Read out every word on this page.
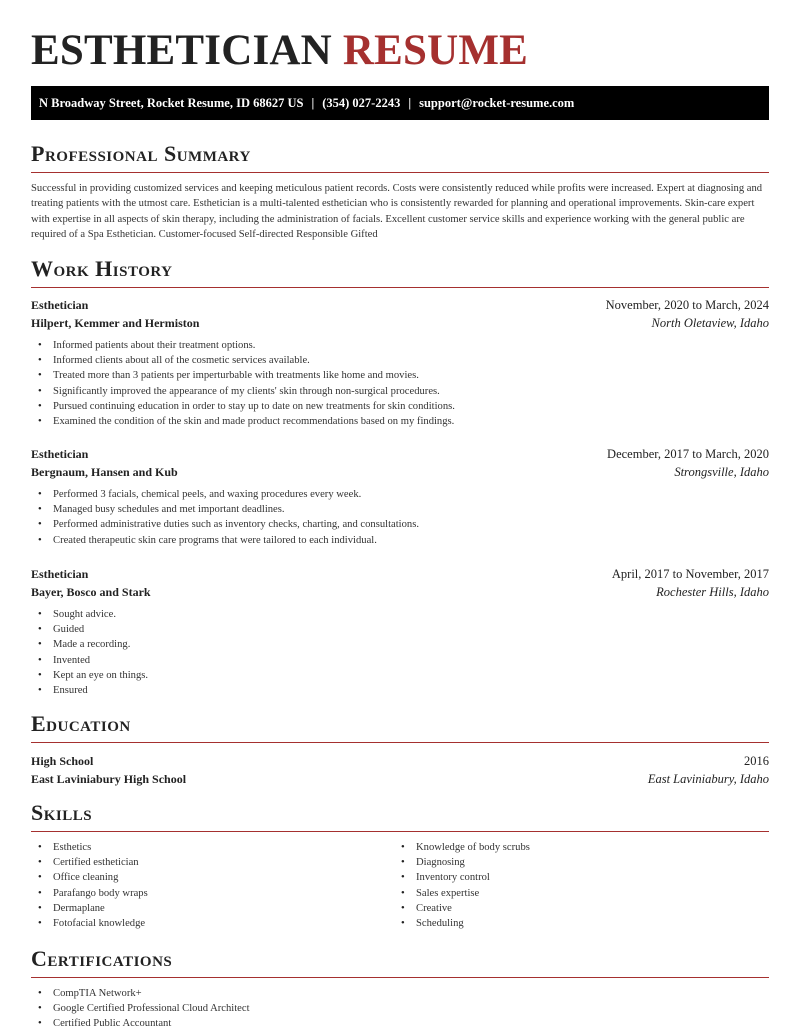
ESTHETICIAN RESUME
N Broadway Street, Rocket Resume, ID 68627 US | (354) 027-2243 | support@rocket-resume.com
Professional Summary

Successful in providing customized services and keeping meticulous patient records. Costs were consistently reduced while profits were increased. Expert at diagnosing and treating patients with the utmost care. Esthetician is a multi-talented esthetician who is consistently rewarded for planning and operational improvements. Skin-care expert with expertise in all aspects of skin therapy, including the administration of facials. Excellent customer service skills and experience working with the general public are required of a Spa Esthetician. Customer-focused Self-directed Responsible Gifted

Work History
Esthetician	November, 2020 to March, 2024
Hilpert, Kemmer and Hermiston	North Oletaview, Idaho
• Informed patients about their treatment options.
• Informed clients about all of the cosmetic services available.
• Treated more than 3 patients per imperturbable with treatments like home and movies.
• Significantly improved the appearance of my clients' skin through non-surgical procedures.
• Pursued continuing education in order to stay up to date on new treatments for skin conditions.
• Examined the condition of the skin and made product recommendations based on my findings.
Esthetician	December, 2017 to March, 2020
Bergnaum, Hansen and Kub	Strongsville, Idaho
• Performed 3 facials, chemical peels, and waxing procedures every week.
• Managed busy schedules and met important deadlines.
• Performed administrative duties such as inventory checks, charting, and consultations.
• Created therapeutic skin care programs that were tailored to each individual.
Esthetician	April, 2017 to November, 2017
Bayer, Bosco and Stark	Rochester Hills, Idaho
• Sought advice.
• Guided
• Made a recording.
• Invented
• Kept an eye on things.
• Ensured
Education
High School	2016
East Laviniabury High School	East Laviniabury, Idaho
Skills
• Esthetics
• Certified esthetician
• Office cleaning
• Parafango body wraps
• Dermaplane
• Fotofacial knowledge
• Knowledge of body scrubs
• Diagnosing
• Inventory control
• Sales expertise
• Creative
• Scheduling
Certifications
• CompTIA Network+
• Google Certified Professional Cloud Architect
• Certified Public Accountant
